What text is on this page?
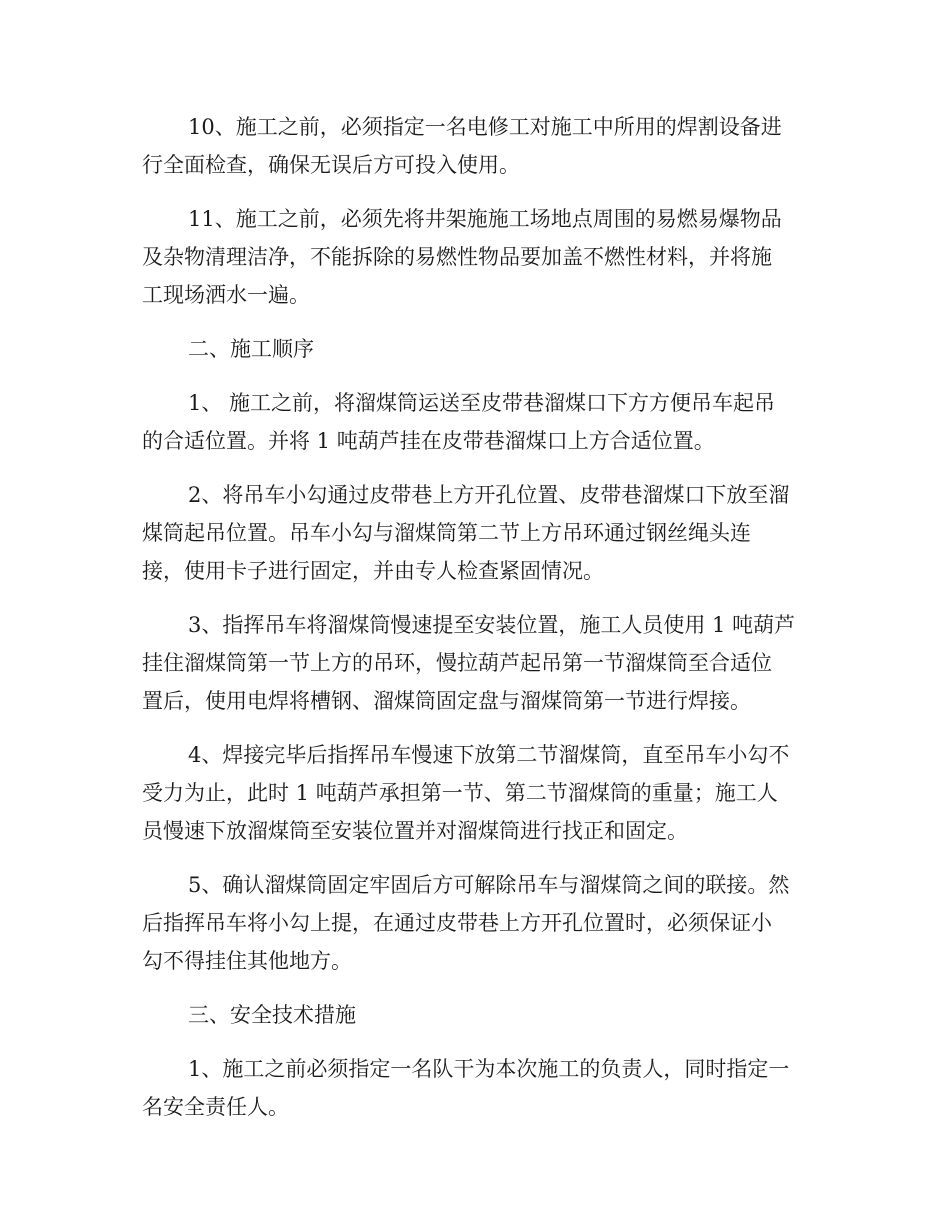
10、施工之前，必须指定一名电修工对施工中所用的焊割设备进
行全面检查，确保无误后方可投入使用。
11、施工之前，必须先将井架施施工场地点周围的易燃易爆物品
及杂物清理洁净，不能拆除的易燃性物品要加盖不燃性材料，并将施
工现场洒水一遍。
二、施工顺序
1、 施工之前，将溜煤筒运送至皮带巷溜煤口下方方便吊车起吊
的合适位置。并将 1 吨葫芦挂在皮带巷溜煤口上方合适位置。
2、将吊车小勾通过皮带巷上方开孔位置、皮带巷溜煤口下放至溜
煤筒起吊位置。吊车小勾与溜煤筒第二节上方吊环通过钢丝绳头连
接，使用卡子进行固定，并由专人检查紧固情况。
3、指挥吊车将溜煤筒慢速提至安装位置，施工人员使用 1 吨葫芦
挂住溜煤筒第一节上方的吊环，慢拉葫芦起吊第一节溜煤筒至合适位
置后，使用电焊将槽钢、溜煤筒固定盘与溜煤筒第一节进行焊接。
4、焊接完毕后指挥吊车慢速下放第二节溜煤筒，直至吊车小勾不
受力为止，此时 1 吨葫芦承担第一节、第二节溜煤筒的重量；施工人
员慢速下放溜煤筒至安装位置并对溜煤筒进行找正和固定。
5、确认溜煤筒固定牢固后方可解除吊车与溜煤筒之间的联接。然
后指挥吊车将小勾上提，在通过皮带巷上方开孔位置时，必须保证小
勾不得挂住其他地方。
三、安全技术措施
1、施工之前必须指定一名队干为本次施工的负责人，同时指定一
名安全责任人。
